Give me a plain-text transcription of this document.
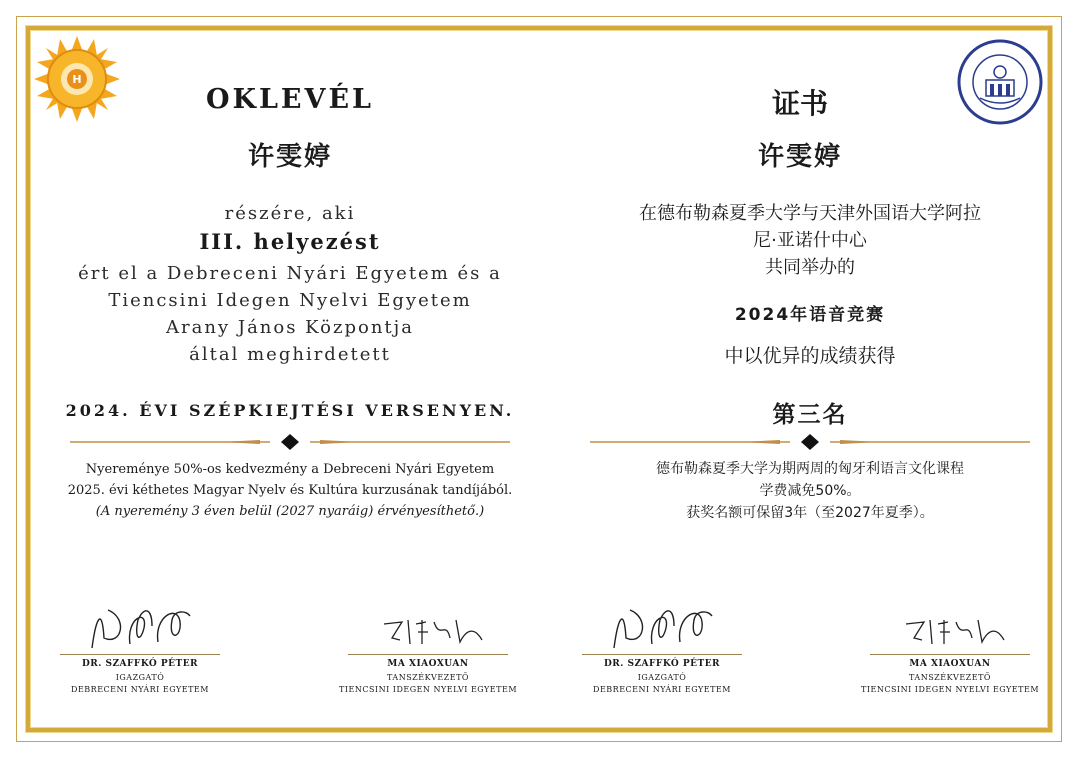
H
OKLEVÉL
许雯婷
részére, aki
III. helyezést
ért el a Debreceni Nyári Egyetem és a
Tiencsini Idegen Nyelvi Egyetem
Arany János Központja
által meghirdetett
2024. ÉVI SZÉPKIEJTÉSI VERSENYEN.
Nyereménye 50%-os kedvezmény a Debreceni Nyári Egyetem
2025. évi kéthetes Magyar Nyelv és Kultúra kurzusának tandíjából.
(A nyeremény 3 éven belül (2027 nyaráig) érvényesíthető.)
证书
许雯婷
在德布勒森夏季大学与天津外国语大学阿拉
尼·亚诺什中心
共同举办的
2024年语音竞赛
中以优异的成绩获得
第三名
德布勒森夏季大学为期两周的匈牙利语言文化课程
学费减免50%。
获奖名额可保留3年（至2027年夏季）。
DR. SZAFFKÓ PÉTER
IGAZGATÓ
DEBRECENI NYÁRI EGYETEM
MA XIAOXUAN
TANSZÉKVEZETŐ
TIENCSINI IDEGEN NYELVI EGYETEM
DR. SZAFFKÓ PÉTER
IGAZGATÓ
DEBRECENI NYÁRI EGYETEM
MA XIAOXUAN
TANSZÉKVEZETŐ
TIENCSINI IDEGEN NYELVI EGYETEM
